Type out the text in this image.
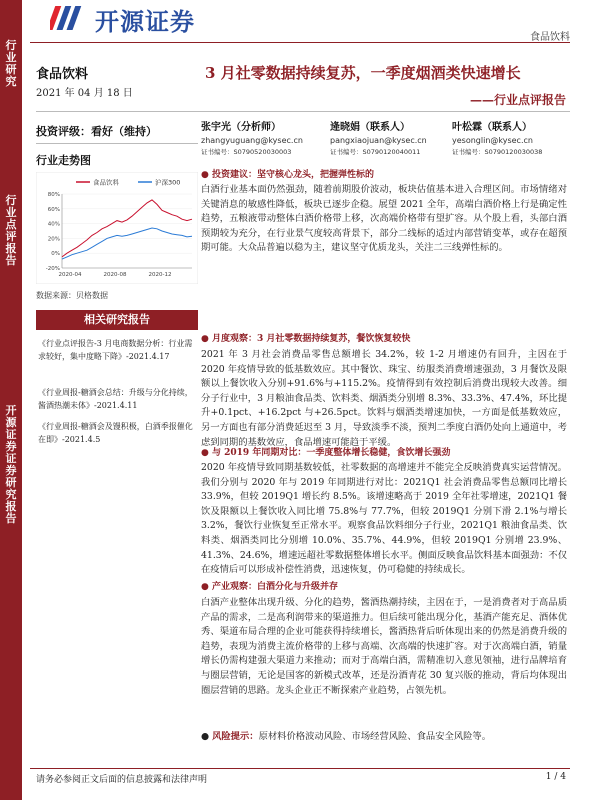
行业研究
行业点评报告
开源证券 证券研究报告
开源证券
食品饮料
食品饮料
2021 年 04 月 18 日
3 月社零数据持续复苏，一季度烟酒类快速增长
——行业点评报告
投资评级：看好（维持）	张宇光（分析师）
zhangyuguang@kysec.cn
证书编号：S0790520030003
逄晓娟（联系人）
pangxiaojuan@kysec.cn
证书编号：S0790120040011
叶松霖（联系人）
yesonglin@kysec.cn
证书编号：S0790120030038
行业走势图
80%
60%
40%
20%
0%
-20%
2020-04	2020-08	2020-12
食品饮料	沪深300
数据来源：贝格数据
相关研究报告
《行业点评报告-3 月电商数据分析：行业需求较好，集中度略下降》-2021.4.17
《行业周报-糖酒会总结：升级与分化持续，酱酒热潮未体》-2021.4.11
《行业周报-糖酒会及馒积极，白酒季报催化在即》-2021.4.5
● 投资建议：坚守核心龙头，把握弹性标的
白酒行业基本面仍然强劲，随着前期股价波动，板块估值基本进入合理区间。市场情绪对关键消息的敏感性降低，板块已逐步企稳。展望 2021 全年，高端白酒价格上行是确定性趋势，五粮液带动整体白酒价格带上移，次高端价格带有望扩容。从个股上看，头部白酒预期较为充分，在行业景气度较高背景下，部分二线标的适过内部营销变革，或存在超预期可能。大众品普遍以稳为主，建议坚守优质龙头，关注二三线弹性标的。
● 月度观察：3 月社零数据持续复苏，餐饮恢复较快
2021 年 3 月社会消费品零售总额增长 34.2%，较 1-2 月增速仍有回升，主因在于 2020 年疫情导致的低基数效应。其中餐饮、珠宝、纺服类消费增速强劲，3 月餐饮及限额以上餐饮收入分别+91.6%与+115.2%。疫情得到有效控制后消费出现较大改善。细分子行业中，3 月粮油食品类、饮料类、烟酒类分别增 8.3%、33.3%、47.4%，环比提升+0.1pct、+16.2pct 与+26.5pct。饮料与烟酒类增速加快，一方面是低基数效应，另一方面也有部分消费延迟至 3 月，导致淡季不淡，预判二季度白酒仍处向上通道中，考虑到同期的基数效应，食品增速可能趋于平缓。
● 与 2019 年同期对比：一季度整体增长稳健，食饮增长强劲
2020 年疫情导致同期基数较低，社零数据的高增速并不能完全反映消费真实运营情况。我们分别与 2020 年与 2019 年同期进行对比：2021Q1 社会消费品零售总额同比增长 33.9%，但较 2019Q1 增长约 8.5%。该增速略高于 2019 全年社零增速，2021Q1 餐饮及限额以上餐饮收入同比增 75.8%与 77.7%，但较 2019Q1 分别下滑 2.1%与增长 3.2%，餐饮行业恢复至正常水平。观察食品饮料细分子行业，2021Q1 粮油食品类、饮料类、烟酒类同比分别增 10.0%、35.7%、44.9%，但较 2019Q1 分别增 23.9%、41.3%、24.6%，增速远超社零数据整体增长水平。侧面反映食品饮料基本面强劲：不仅在疫情后可以形成补偿性消费，迅速恢复，仍可稳健的持续成长。
● 产业观察：白酒分化与升级并存
白酒产业整体出现升级、分化的趋势，酱酒热潮持续，主因在于，一是消费者对于高品质产品的需求，二是高利润带来的渠道推力。但后续可能出现分化，基酒产能充足、酒体优秀、渠道布局合理的企业可能获得持续增长，酱酒热背后昕体现出来的仍然是消费升级的趋势，表现为消费主流价格带的上移与高端、次高端的快速扩容。对于次高端白酒，销量增长仍需构建强大渠道力来推动；而对于高端白酒，需精准切入意见领袖，进行品牌培育与圈层营销，无论是国客的新模式改革，还是汾酒青花 30 复兴版的推动，背后均体现出圈层营销的思路。龙头企业正不断探索产业趋势，占领先机。
● 风险提示：原材料价格波动风险、市场经营风险、食品安全风险等。
请务必参阅正文后面的信息披露和法律声明	1 / 4
